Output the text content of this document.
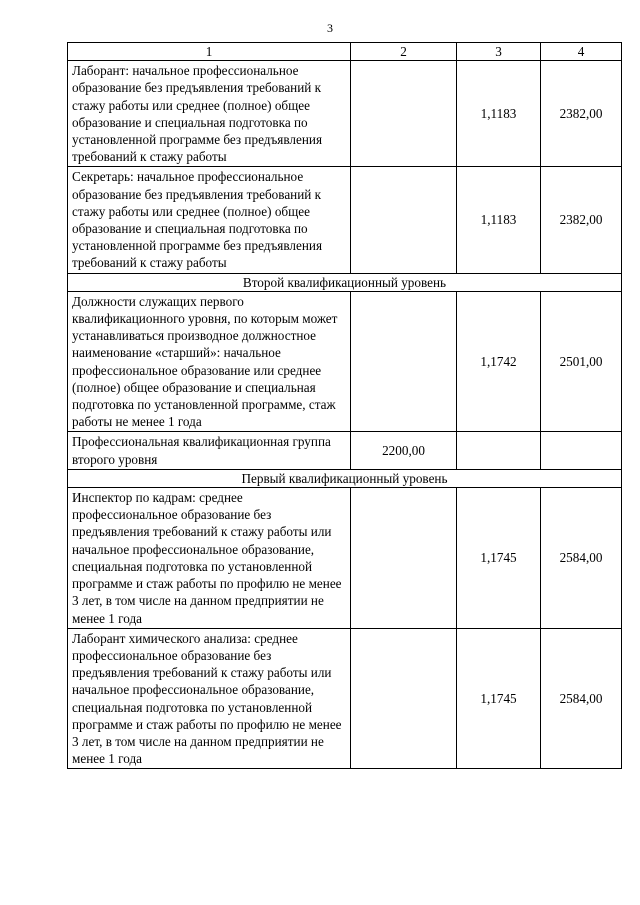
3
1	2	3	4
Лаборант: начальное профессиональное образование без предъявления требований к стажу работы или среднее (полное) общее образование и специальная подготовка по установленной программе без предъявления требований к стажу работы		1,1183	2382,00
Секретарь: начальное профессиональное образование без предъявления требований к стажу работы или среднее (полное) общее образование и специальная подготовка по установленной программе без предъявления требований к стажу работы		1,1183	2382,00
Второй квалификационный уровень			
Должности служащих первого квалификационного уровня, по которым может устанавливаться производное должностное наименование «старший»: начальное профессиональное образование или среднее (полное) общее образование и специальная подготовка по установленной программе, стаж работы не менее 1 года		1,1742	2501,00
Профессиональная квалификационная группа второго уровня	2200,00		
Первый квалификационный уровень			
Инспектор по кадрам: среднее профессиональное образование без предъявления требований к стажу работы или начальное профессиональное образование, специальная подготовка по установленной программе и стаж работы по профилю не менее 3 лет, в том числе на данном предприятии не менее 1 года		1,1745	2584,00
Лаборант химического анализа: среднее профессиональное образование без предъявления требований к стажу работы или начальное профессиональное образование, специальная подготовка по установленной программе и стаж работы по профилю не менее 3 лет, в том числе на данном предприятии не менее 1 года		1,1745	2584,00
